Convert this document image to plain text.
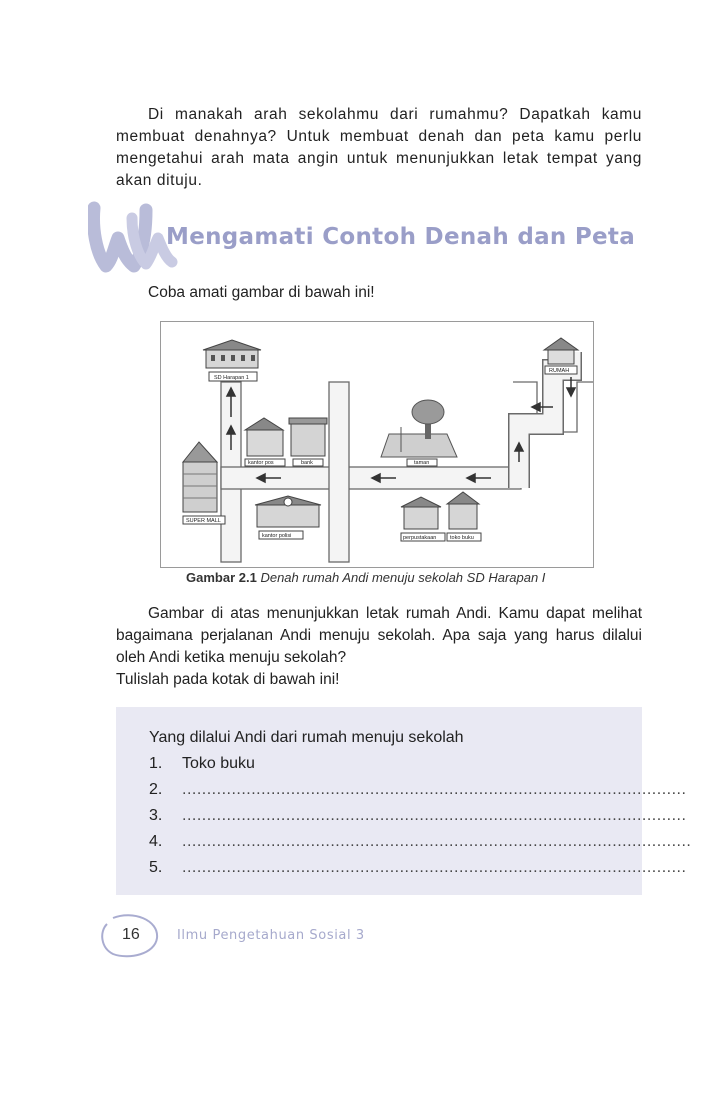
Di manakah arah sekolahmu dari rumahmu? Dapatkah kamu membuat denahnya? Untuk membuat denah dan peta kamu perlu mengetahui arah mata angin untuk menunjukkan letak tempat yang akan dituju.

Mengamati Contoh Denah dan Peta

Coba amati gambar di bawah ini!

SD Harapan 1
RUMAH
kantor pos	bank	taman
SUPER MALL
kantor polisi	perpustakaan toko buku
Gambar 2.1 Denah rumah Andi menuju sekolah SD Harapan I

Gambar di atas menunjukkan letak rumah Andi. Kamu dapat melihat bagaimana perjalanan Andi menuju sekolah. Apa saja yang harus dilalui oleh Andi ketika menuju sekolah?

Tulislah pada kotak di bawah ini!

Yang dilalui Andi dari rumah menuju sekolah
1. Toko buku
2. ......................................................................................................
3. ......................................................................................................
4. .......................................................................................................
5. ......................................................................................................
16	Ilmu Pengetahuan Sosial 3
